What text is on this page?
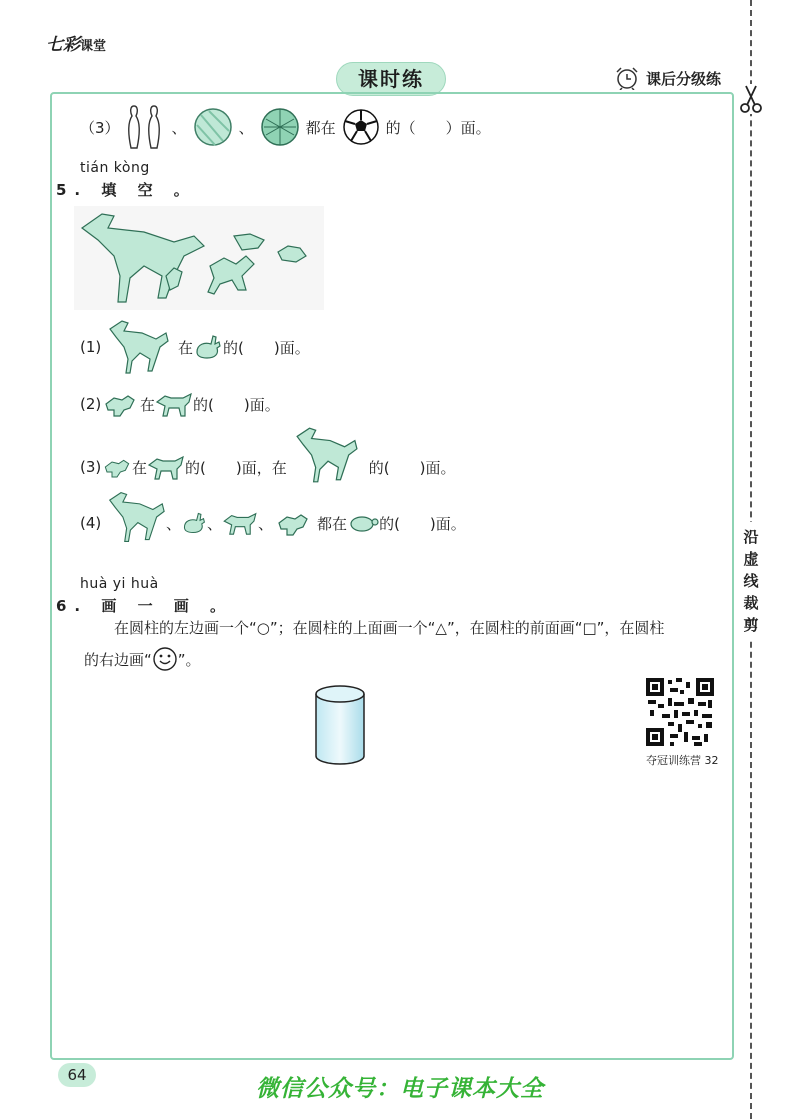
七彩课堂
课时练	课后分级练
沿
虚
线
裁
剪
（3）	、	、	都在	的（　　）面。
tián kòng
5. 填 空 。
(1)	在 的(　　)面。
(2)	在	的(　　)面。
(3) 在	的(　　)面，在	的(　　)面。
(4)	、 、 、	都在 的(　　)面。
huà yi huà
6. 画 一 画 。
在圆柱的左边画一个“○”；在圆柱的上面画一个“△”，在圆柱的前面画“□”，在圆柱
的右边画“ ”。
夺冠训练营 32
64
微信公众号：电子课本大全
